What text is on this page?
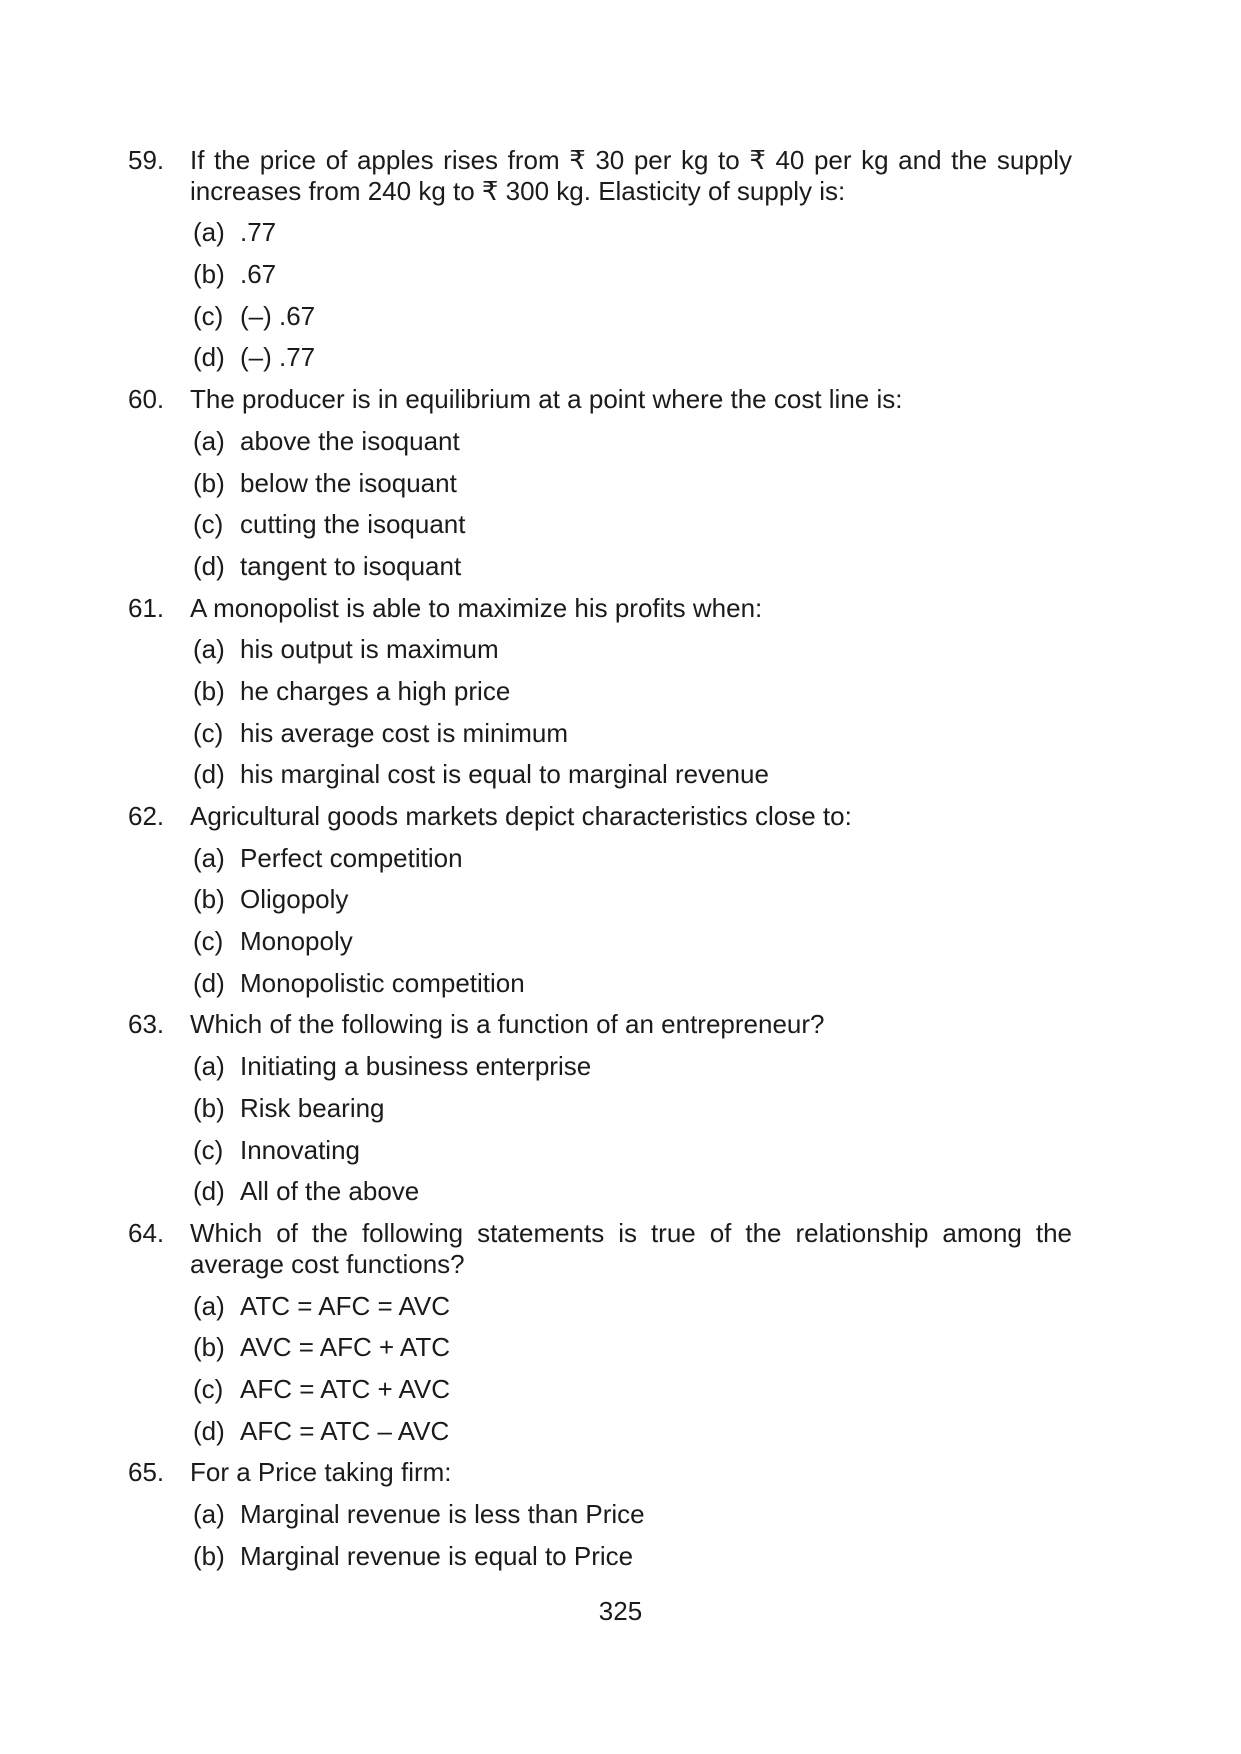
59. If the price of apples rises from ₹ 30 per kg to ₹ 40 per kg and the supply increases from 240 kg to ₹ 300 kg. Elasticity of supply is:
(a) .77
(b) .67
(c) (–) .67
(d) (–) .77
60. The producer is in equilibrium at a point where the cost line is:
(a) above the isoquant
(b) below the isoquant
(c) cutting the isoquant
(d) tangent to isoquant
61. A monopolist is able to maximize his profits when:
(a) his output is maximum
(b) he charges a high price
(c) his average cost is minimum
(d) his marginal cost is equal to marginal revenue
62. Agricultural goods markets depict characteristics close to:
(a) Perfect competition
(b) Oligopoly
(c) Monopoly
(d) Monopolistic competition
63. Which of the following is a function of an entrepreneur?
(a) Initiating a business enterprise
(b) Risk bearing
(c) Innovating
(d) All of the above
64. Which of the following statements is true of the relationship among the average cost functions?
(a) ATC = AFC = AVC
(b) AVC = AFC + ATC
(c) AFC = ATC + AVC
(d) AFC = ATC – AVC
65. For a Price taking firm:
(a) Marginal revenue is less than Price
(b) Marginal revenue is equal to Price
325
